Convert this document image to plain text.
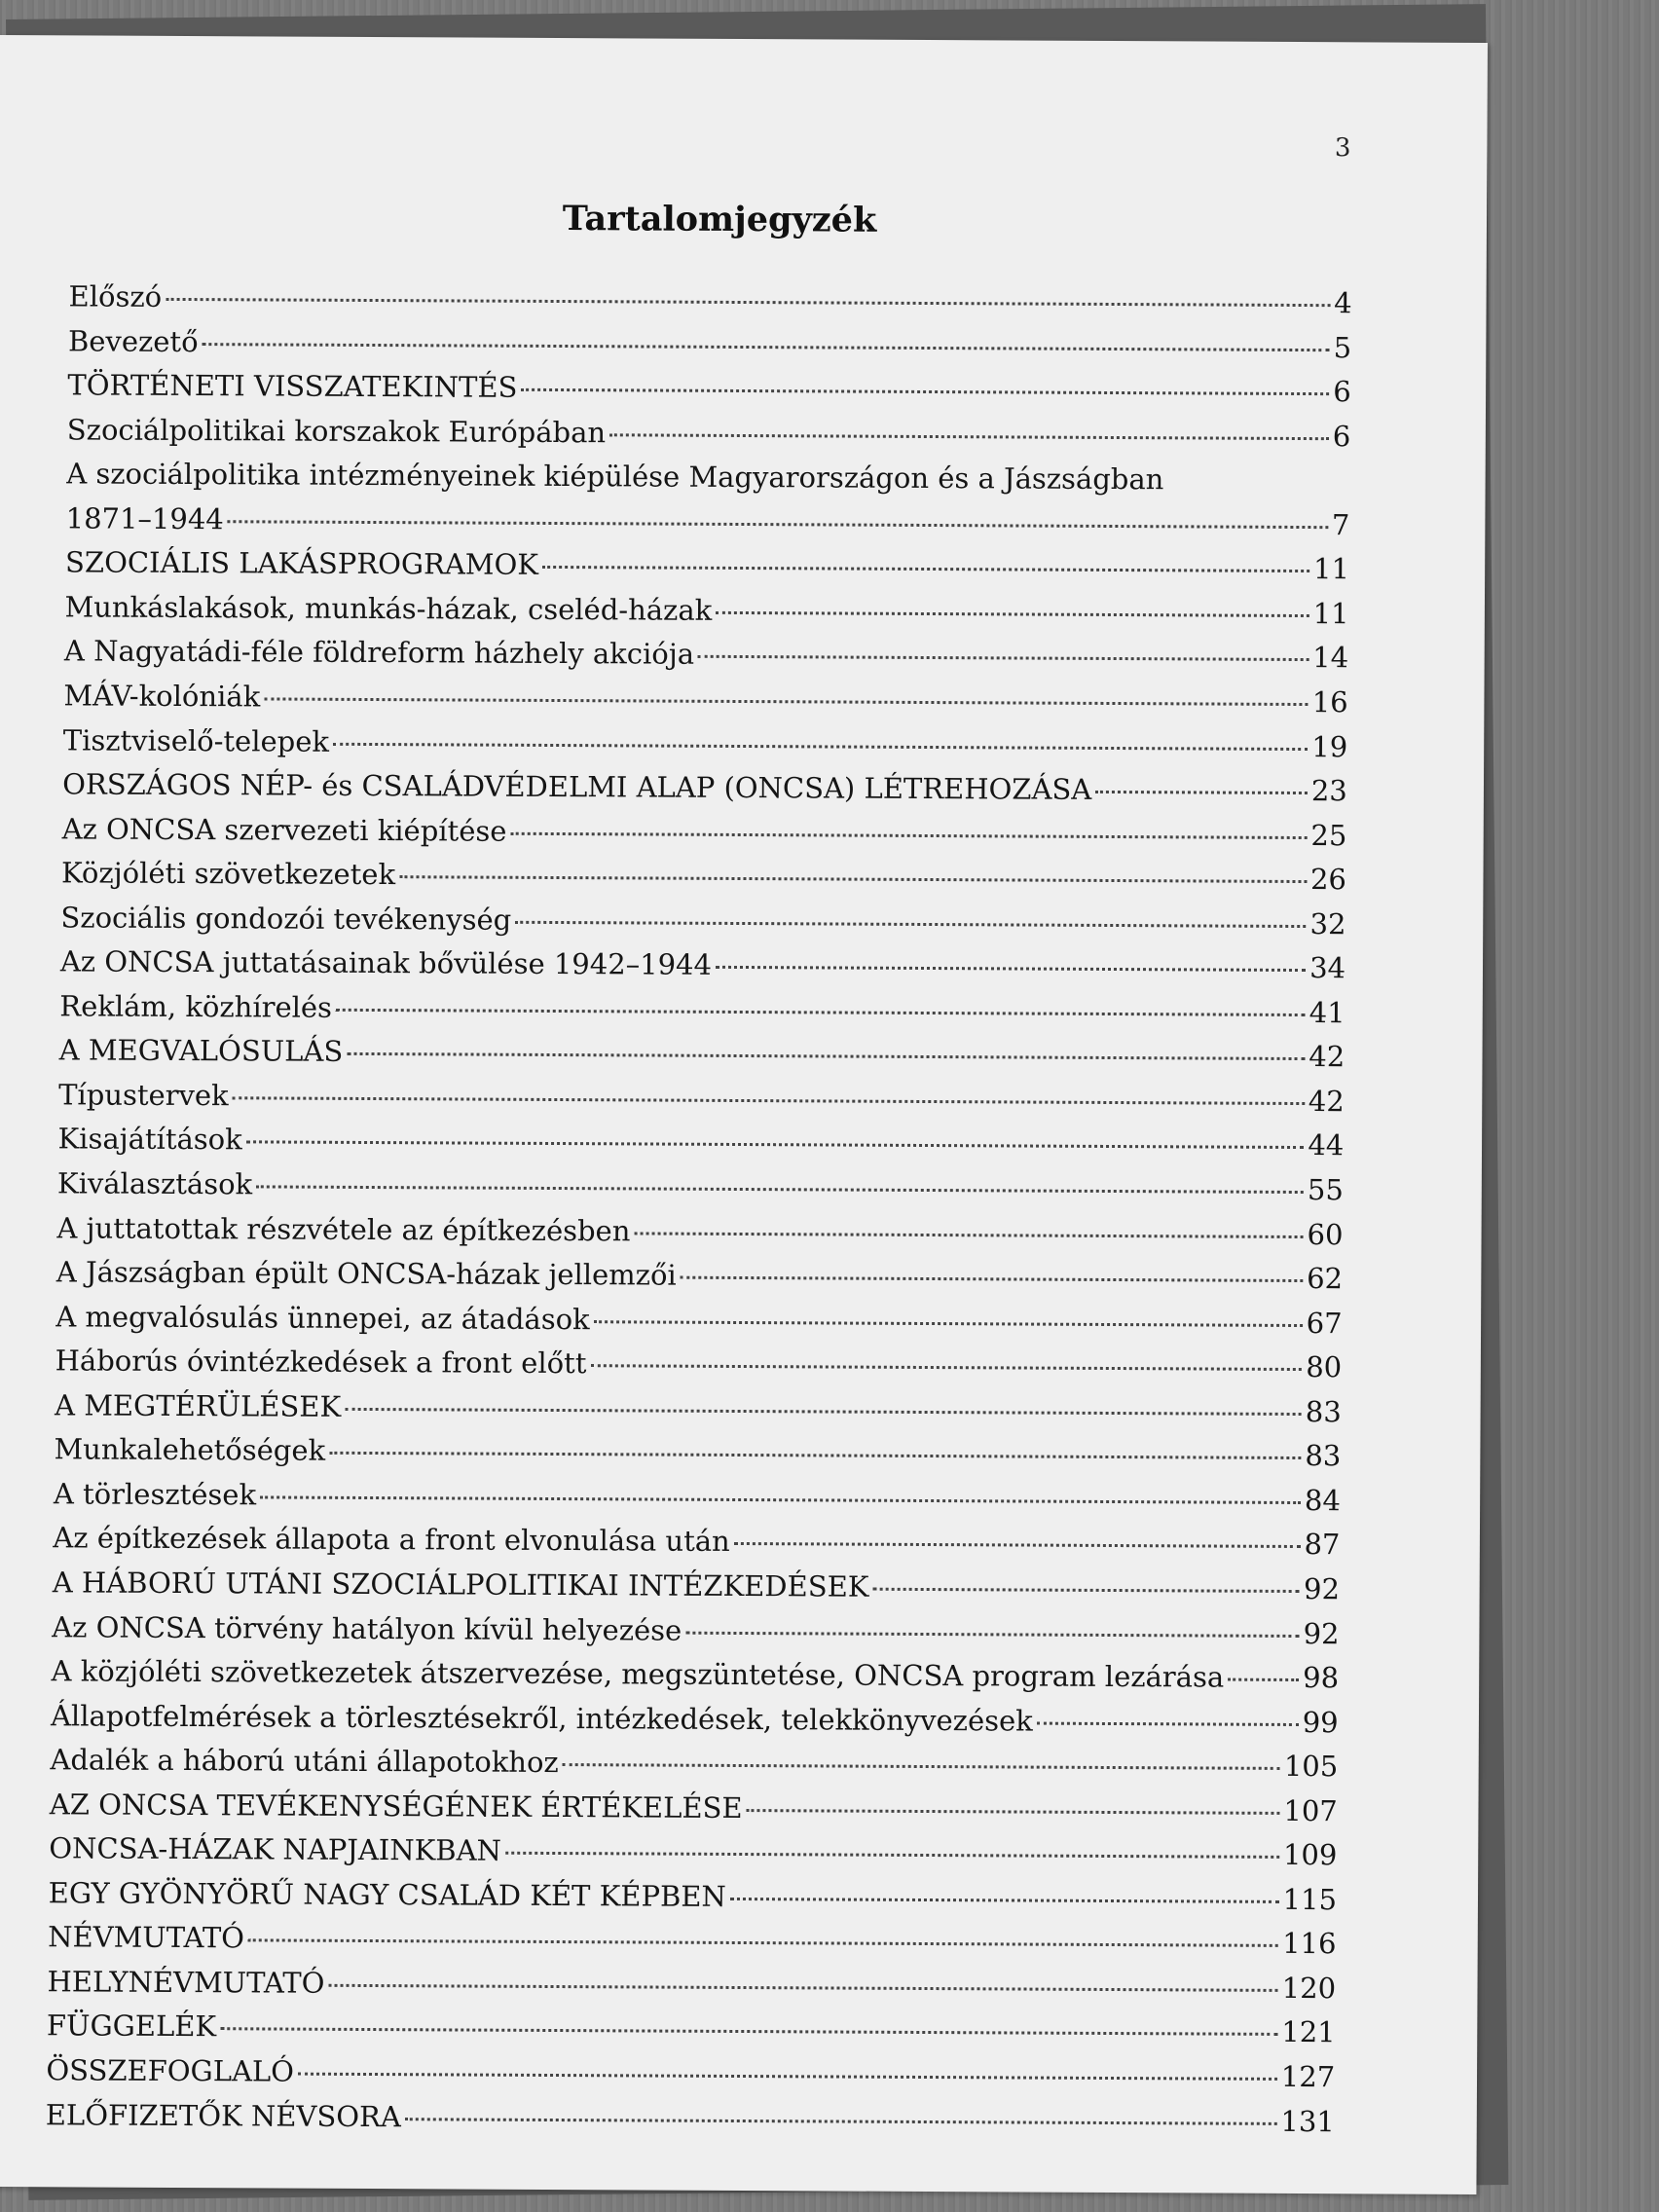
3
Tartalomjegyzék
Előszó	4
Bevezető	5
TÖRTÉNETI VISSZATEKINTÉS	6
Szociálpolitikai korszakok Európában	6
A szociálpolitika intézményeinek kiépülése Magyarországon és a Jászságban
1871–1944	7
SZOCIÁLIS LAKÁSPROGRAMOK	11
Munkáslakások, munkás-házak, cseléd-házak	11
A Nagyatádi-féle földreform házhely akciója	14
MÁV-kolóniák	16
Tisztviselő-telepek	19
ORSZÁGOS NÉP- és CSALÁDVÉDELMI ALAP (ONCSA) LÉTREHOZÁSA	23
Az ONCSA szervezeti kiépítése	25
Közjóléti szövetkezetek	26
Szociális gondozói tevékenység	32
Az ONCSA juttatásainak bővülése 1942–1944	34
Reklám, közhírelés	41
A MEGVALÓSULÁS	42
Típustervek	42
Kisajátítások	44
Kiválasztások	55
A juttatottak részvétele az építkezésben	60
A Jászságban épült ONCSA-házak jellemzői	62
A megvalósulás ünnepei, az átadások	67
Háborús óvintézkedések a front előtt	80
A MEGTÉRÜLÉSEK	83
Munkalehetőségek	83
A törlesztések	84
Az építkezések állapota a front elvonulása után	87
A HÁBORÚ UTÁNI SZOCIÁLPOLITIKAI INTÉZKEDÉSEK	92
Az ONCSA törvény hatályon kívül helyezése	92
A közjóléti szövetkezetek átszervezése, megszüntetése, ONCSA program lezárása	98
Állapotfelmérések a törlesztésekről, intézkedések, telekkönyvezések	99
Adalék a háború utáni állapotokhoz	105
AZ ONCSA TEVÉKENYSÉGÉNEK ÉRTÉKELÉSE	107
ONCSA-HÁZAK NAPJAINKBAN	109
EGY GYÖNYÖRŰ NAGY CSALÁD KÉT KÉPBEN	115
NÉVMUTATÓ	116
HELYNÉVMUTATÓ	120
FÜGGELÉK	121
ÖSSZEFOGLALÓ	127
ELŐFIZETŐK NÉVSORA	131
